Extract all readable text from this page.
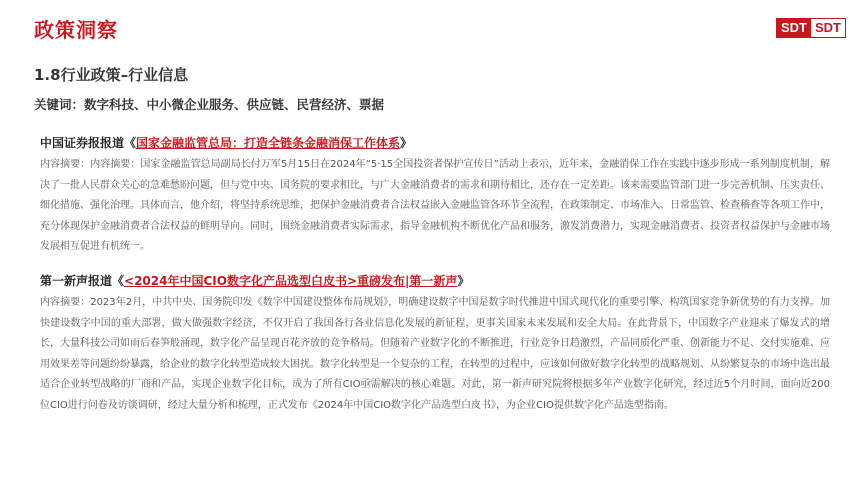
政策洞察	SDT SDT
1.8行业政策–行业信息
关键词：数字科技、中小微企业服务、供应链、民营经济、票据
中国证券报报道《国家金融监管总局：打造全链条金融消保工作体系》
内容摘要：内容摘要：国家金融监管总局副局长付万军5月15日在2024年“5·15全国投资者保护宣传日”活动上表示，近年来，金融消保工作在实践中逐步形成一系列制度机制，解决了一批人民群众关心的急难愁盼问题，但与党中央、国务院的要求相比，与广大金融消费者的需求和期待相比，还存在一定差距。该来需要监管部门进一步完善机制、压实责任、细化措施、强化治理。具体而言，他介绍，将坚持系统思维，把保护金融消费者合法权益嵌入金融监管各环节全流程，在政策制定、市场准入、日常监管、检查稽查等各项工作中，充分体现保护金融消费者合法权益的鲜明导向。同时，围绕金融消费者实际需求，指导金融机构不断优化产品和服务，激发消费潜力，实现金融消费者、投资者权益保护与金融市场发展相互促进有机统一。
第一新声报道《<2024年中国CIO数字化产品选型白皮书>重磅发布|第一新声》
内容摘要：2023年2月，中共中央、国务院印发《数字中国建设整体布局规划》，明确建设数字中国是数字时代推进中国式现代化的重要引擎、构筑国家竞争新优势的有力支撑。加快建设数字中国的重大部署，做大做强数字经济，不仅开启了我国各行各业信息化发展的新征程，更事关国家未来发展和安全大局。在此背景下，中国数字产业迎来了爆发式的增长，大量科技公司如雨后春笋般涌现，数字化产品呈现百花齐放的竞争格局。但随着产业数字化的不断推进，行业竞争日趋激烈，产品同质化严重、创新能力不足、交付实施难、应用效果差等问题纷纷暴露，给企业的数字化转型造成较大困扰。数字化转型是一个复杂的工程，在转型的过程中，应该如何做好数字化转型的战略规划、从纷繁复杂的市场中选出最适合企业转型战略的厂商和产品，实现企业数字化目标，成为了所有CIO亟需解决的核心难题。对此，第一新声研究院将根据多年产业数字化研究，经过近5个月时间，面向近200位CIO进行问卷及访谈调研，经过大量分析和梳理，正式发布《2024年中国CIO数字化产品选型白皮书》，为企业CIO提供数字化产品选型指南。
